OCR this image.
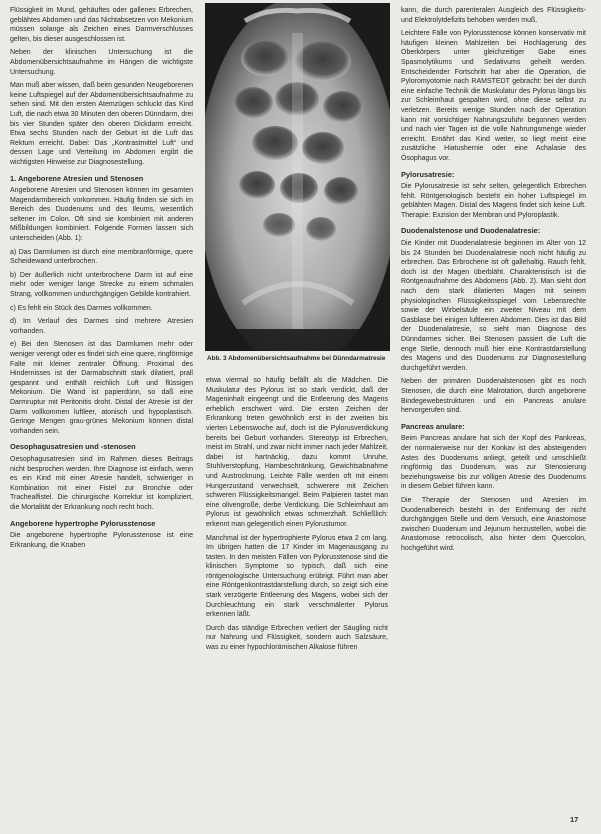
Flüssigkeit im Mund, gehäuftes oder gallenes Erbrechen, geblähtes Abdomen und das Nichtabsetzen von Mekonium müssen solange als Zeichen eines Darmverschlusses gelten, bis dieser ausgeschlossen ist.

Neben der klinischen Untersuchung ist die Abdomenübersichtsaufnahme im Hängen die wichtigste Untersuchung.

Man muß aber wissen, daß beim gesunden Neugeborenen keine Luftspiegel auf der Abdomenübersichtsaufnahme zu sehen sind. Mit den ersten Atemzügen schluckt das Kind Luft, die nach etwa 30 Minuten den oberen Dünndarm, drei bis vier Stunden später den oberen Dickdarm erreicht. Etwa sechs Stunden nach der Geburt ist die Luft das Rektum erreicht. Dabei: Das „Kontrastmittel Luft“ und dessen Lage und Verteilung im Abdomen ergibt die wichtigsten Hinweise zur Diagnosestellung.

1. Angeborene Atresien und Stenosen

Angeborene Atresien und Stenosen können im gesamten Magendarmbereich vorkommen. Häufig finden sie sich im Bereich des Duodenums und des Ileums, wesentlich seltener im Colon. Oft sind sie kombiniert mit anderen Mißbildungen kombiniert. Folgende Formen lassen sich unterscheiden (Abb. 1):

a) Das Darmlumen ist durch eine membranförmige, quere Scheidewand unterbrochen.

b) Der äußerlich nicht unterbrochene Darm ist auf eine mehr oder weniger lange Strecke zu einem schmalen Strang, vollkommen undurchgängigen Gebilde kontrahiert.

c) Es fehlt ein Stück des Darmes vollkommen.

d) Im Verlauf des Darmes sind mehrere Atresien vorhanden.

e) Bei den Stenosen ist das Darmlumen mehr oder weniger verengt oder es findet sich eine quere, ringförmige Falte mit kleiner zentraler Öffnung. Proximal des Hindernisses ist der Darmabschnitt stark dilatiert, prall gespannt und enthält reichlich Luft und flüssigen Mekonium. Die Wand ist papierdünn, so daß eine Darmruptur mit Peritonitis droht. Distal der Atresie ist der Darm vollkommen luftleer, atonisch und hypoplastisch. Geringe Mengen grau-grünes Mekonium können distal vorhanden sein.

Oesophagusatresien und -stenosen

Oesophagusatresien sind im Rahmen dieses Beitrags nicht besprochen werden. Ihre Diagnose ist einfach, wenn es ein Kind mit einer Atresie handelt, schwieriger in Kombination mit einer Fistel zur Bronchie oder Trachealfistel. Die chirurgische Korrektur ist kompliziert, die Mortalität der Erkrankung noch recht hoch.

Angeborene hypertrophe Pylorusstenose

Die angeborene hypertrophe Pylorusstenose ist eine Erkrankung, die Knaben

Abb. 3 Abdomenübersichtsaufnahme bei Dünndarmatresie

etwa viermal so häufig befällt als die Mädchen. Die Muskulatur des Pylorus ist so stark verdickt, daß der Mageninhalt eingeengt und die Entleerung des Magens erheblich erschwert wird. Die ersten Zeichen der Erkrankung treten gewöhnlich erst in der zweiten bis vierten Lebenswoche auf, doch ist die Pylorusverdickung bereits bei Geburt vorhanden. Stereotyp ist Erbrechen, meist im Strahl, und zwar nicht immer nach jeder Mahlzeit, dabei ist hartnäckig, dazu kommt Unruhe, Stuhlverstopfung, Harnbeschränkung, Gewichtsabnahme und Austrocknung. Leichte Fälle werden oft mit einem Hungerzustand verwechselt, schwerere mit Zeichen schweren Flüssigkeitsmangel. Beim Palpieren tastet man eine olivengroße, derbe Verdickung. Die Schleimhaut am Pylorus ist gewöhnlich etwas schmerzhaft. Schließlich: erkennt man gelegentlich einen Pylorustumor.

Manchmal ist der hypertrophierte Pylorus etwa 2 cm lang. Im übrigen hatten die 17 Kinder im Magenausgang zu tasten. In den meisten Fällen von Pylorusstenose sind die klinischen Symptome so typisch, daß sich eine röntgenologische Untersuchung erübrigt. Führt man aber eine Röntgenkontrastdarstellung durch, so zeigt sich eine stark verzögerte Entleerung des Magens, wobei sich der Durchleuchtung ein stark verschmälerter Pylorus erkennen läßt.

Durch das ständige Erbrechen verliert der Säugling nicht nur Nahrung und Flüssigkeit, sondern auch Salzsäure, was zu einer hypochlorämischen Alkalose führen

kann, die durch parenteralen Ausgleich des Flüssigkeits- und Elektrolytdefizits behoben werden muß.

Leichtere Fälle von Pylorusstenose können konservativ mit häufigen kleinen Mahlzeiten bei Hochlagerung des Oberkörpers unter gleichzeitiger Gabe eines Spasmolytikums und Sedativums geheilt werden. Entscheidender Fortschritt hat aber die Operation, die Pyloromyotomie nach RAMSTEDT gebracht: bei der durch eine einfache Technik die Muskulatur des Pylorus längs bis zur Schleimhaut gespalten wird, ohne diese selbst zu verletzen. Bereits wenige Stunden nach der Operation kann mit vorsichtiger Nahrungszufuhr begonnen werden und nach vier Tagen ist die volle Nahrungsmenge wieder erreicht. Ernährt das Kind weiter, so liegt meist eine zusätzliche Hiatushernie oder eine Achalasie des Ösophagus vor.

Pylorusatresie:

Die Pylorusatresie ist sehr selten, gelegentlich Erbrechen fehlt. Röntgenologisch besteht ein hoher Luftspiegel im geblähten Magen. Distal des Magens findet sich keine Luft. Therapie: Exzision der Membran und Pyloroplastik.

Duodenalstenose und Duodenalatresie:

Die Kinder mit Duodenalatresie beginnen im Alter von 12 bis 24 Stunden bei Duodenalatresie noch nicht häufig zu erbrechen. Das Erbrochene ist oft gallehaltig. Rauch fehlt, doch ist der Magen überbläht. Charakteristisch ist die Röntgenaufnahme des Abdomens (Abb. 2). Man sieht dort nach dem stark dilatierten Magen mit seinem physiologischen Flüssigkeitsspiegel vom Lebensrechte sowie der Wirbelsäule ein zweiter Niveau mit dem Gasblase bei einigen luftleeren Abdomen. Dies ist das Bild der Duodenalatresie, so sieht man Diagnose des Dünndarmes sicher. Bei Stenosen passiert die Luft die enge Stelle, dennoch muß hier eine Kontrastdarstellung des Magens und des Duodenums zur Diagnosestellung durchgeführt werden.

Neben der primären Duodenalstenosen gibt es noch Stenosen, die durch eine Malrotation, durch angeborene Bindegewebestrukturen und ein Pancreas anulare hervorgerufen sind.

Pancreas anulare:

Beim Pancreas anulare hat sich der Kopf des Pankreas, der normalerweise nur der Konkav ist des absteigenden Astes des Duodenums anliegt, geteilt und umschließt ringförmig das Duodenum, was zur Stenosierung beziehungsweise bis zur völligen Atresie des Duodenums in diesem Gebiet führen kann.

Die Therapie der Stenosen und Atresien im Duodenalbereich besteht in der Entfernung der nicht durchgängigen Stelle und dem Versuch, eine Anastomose zwischen Duodenum und Jejunum herzustellen, wobei die Anastomose retrocolisch, also hinter dem Quercolon, hochgeführt wird.

17
